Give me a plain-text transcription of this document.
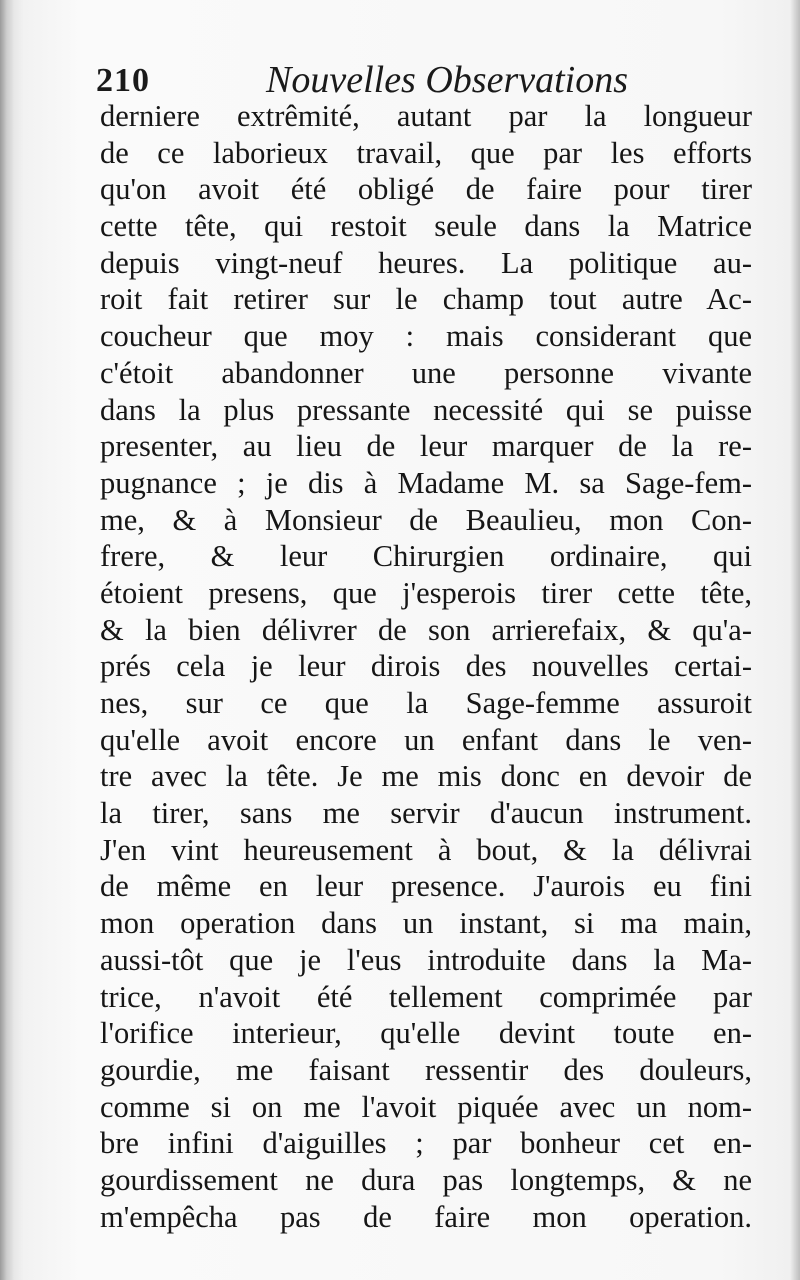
210	Nouvelles Observations
derniere extrêmité, autant par la longueur
de ce laborieux travail, que par les efforts
qu'on avoit été obligé de faire pour tirer
cette tête, qui restoit seule dans la Matrice
depuis vingt-neuf heures. La politique au-
roit fait retirer sur le champ tout autre Ac-
coucheur que moy : mais considerant que
c'étoit abandonner une personne vivante
dans la plus pressante necessité qui se puisse
presenter, au lieu de leur marquer de la re-
pugnance ; je dis à Madame M. sa Sage-fem-
me, & à Monsieur de Beaulieu, mon Con-
frere, & leur Chirurgien ordinaire, qui
étoient presens, que j'esperois tirer cette tête,
& la bien délivrer de son arrierefaix, & qu'a-
prés cela je leur dirois des nouvelles certai-
nes, sur ce que la Sage-femme assuroit
qu'elle avoit encore un enfant dans le ven-
tre avec la tête. Je me mis donc en devoir de
la tirer, sans me servir d'aucun instrument.
J'en vint heureusement à bout, & la délivrai
de même en leur presence. J'aurois eu fini
mon operation dans un instant, si ma main,
aussi-tôt que je l'eus introduite dans la Ma-
trice, n'avoit été tellement comprimée par
l'orifice interieur, qu'elle devint toute en-
gourdie, me faisant ressentir des douleurs,
comme si on me l'avoit piquée avec un nom-
bre infini d'aiguilles ; par bonheur cet en-
gourdissement ne dura pas longtemps, & ne
m'empêcha pas de faire mon operation.
